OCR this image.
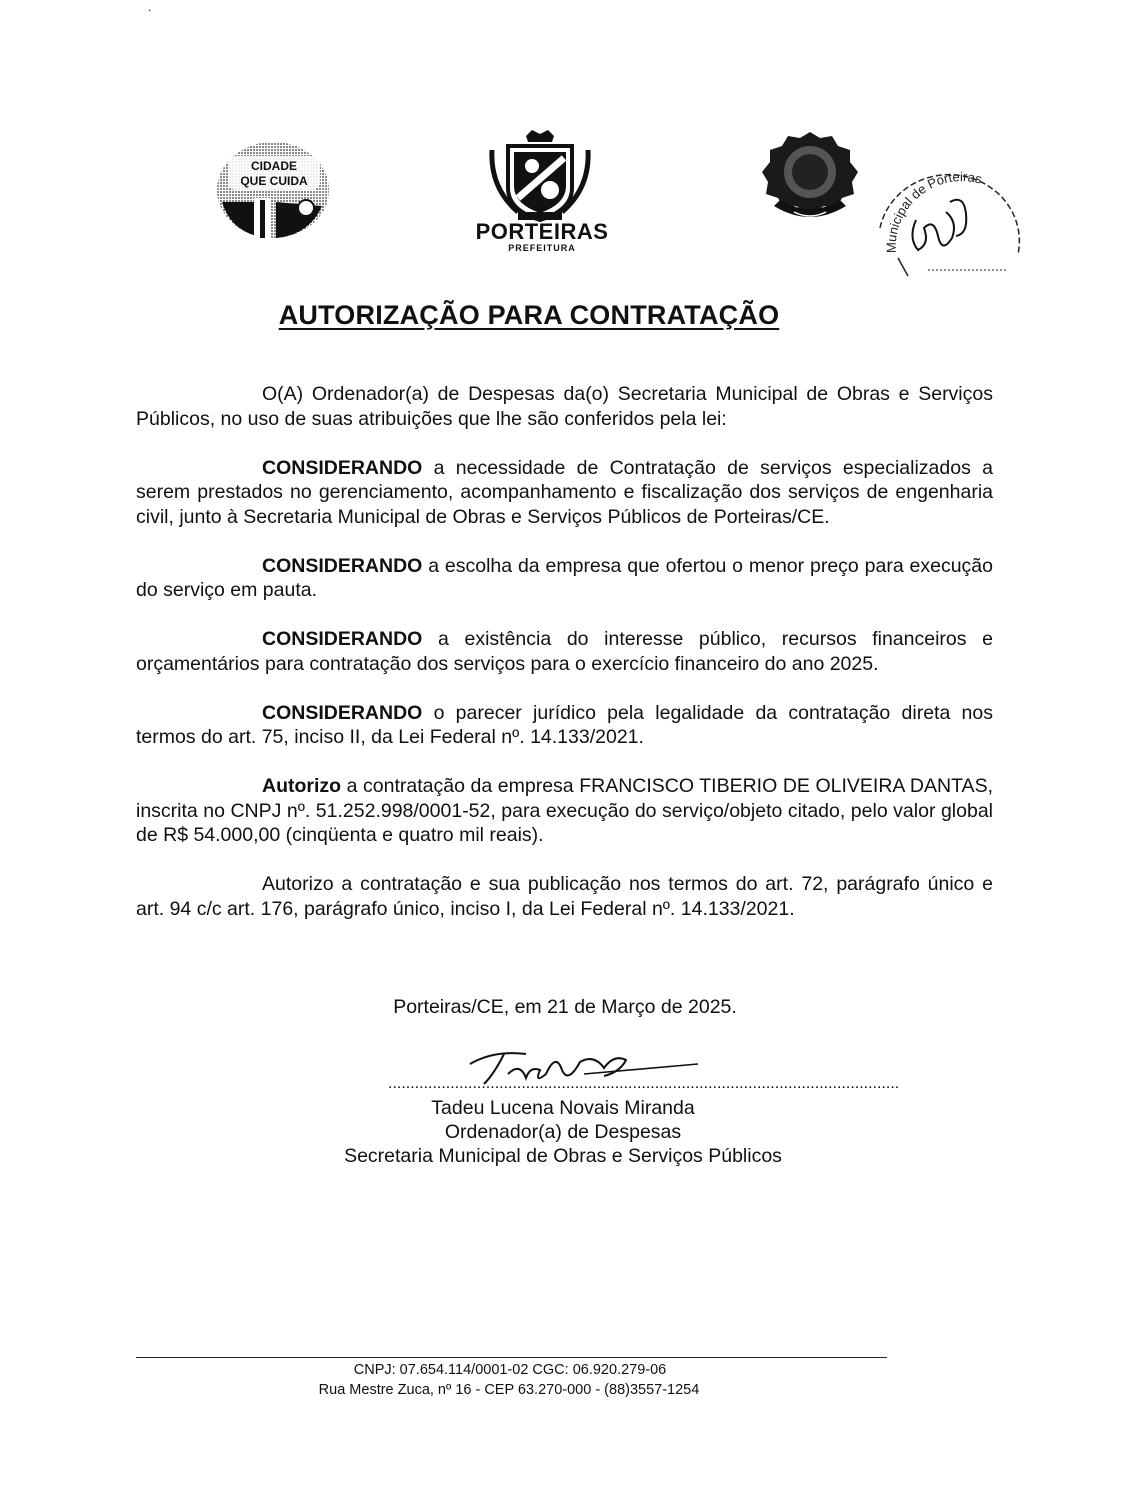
.
CIDADE
QUE CUIDA
PORTEIRAS
PREFEITURA	Municipal de Porteiras
AUTORIZAÇÃO PARA CONTRATAÇÃO

O(A) Ordenador(a) de Despesas da(o) Secretaria Municipal de Obras e Serviços Públicos, no uso de suas atribuições que lhe são conferidos pela lei:

CONSIDERANDO a necessidade de Contratação de serviços especializados a serem prestados no gerenciamento, acompanhamento e fiscalização dos serviços de engenharia civil, junto à Secretaria Municipal de Obras e Serviços Públicos de Porteiras/CE.

CONSIDERANDO a escolha da empresa que ofertou o menor preço para execução do serviço em pauta.

CONSIDERANDO a existência do interesse público, recursos financeiros e orçamentários para contratação dos serviços para o exercício financeiro do ano 2025.

CONSIDERANDO o parecer jurídico pela legalidade da contratação direta nos termos do art. 75, inciso II, da Lei Federal nº. 14.133/2021.

Autorizo a contratação da empresa FRANCISCO TIBERIO DE OLIVEIRA DANTAS, inscrita no CNPJ nº. 51.252.998/0001-52, para execução do serviço/objeto citado, pelo valor global de R$ 54.000,00 (cinqüenta e quatro mil reais).

Autorizo a contratação e sua publicação nos termos do art. 72, parágrafo único e art. 94 c/c art. 176, parágrafo único, inciso I, da Lei Federal nº. 14.133/2021.

Porteiras/CE, em 21 de Março de 2025.
...................................................................................................................
Tadeu Lucena Novais Miranda
Ordenador(a) de Despesas
Secretaria Municipal de Obras e Serviços Públicos
CNPJ: 07.654.114/0001-02 CGC: 06.920.279-06
Rua Mestre Zuca, nº 16 - CEP 63.270-000 - (88)3557-1254
